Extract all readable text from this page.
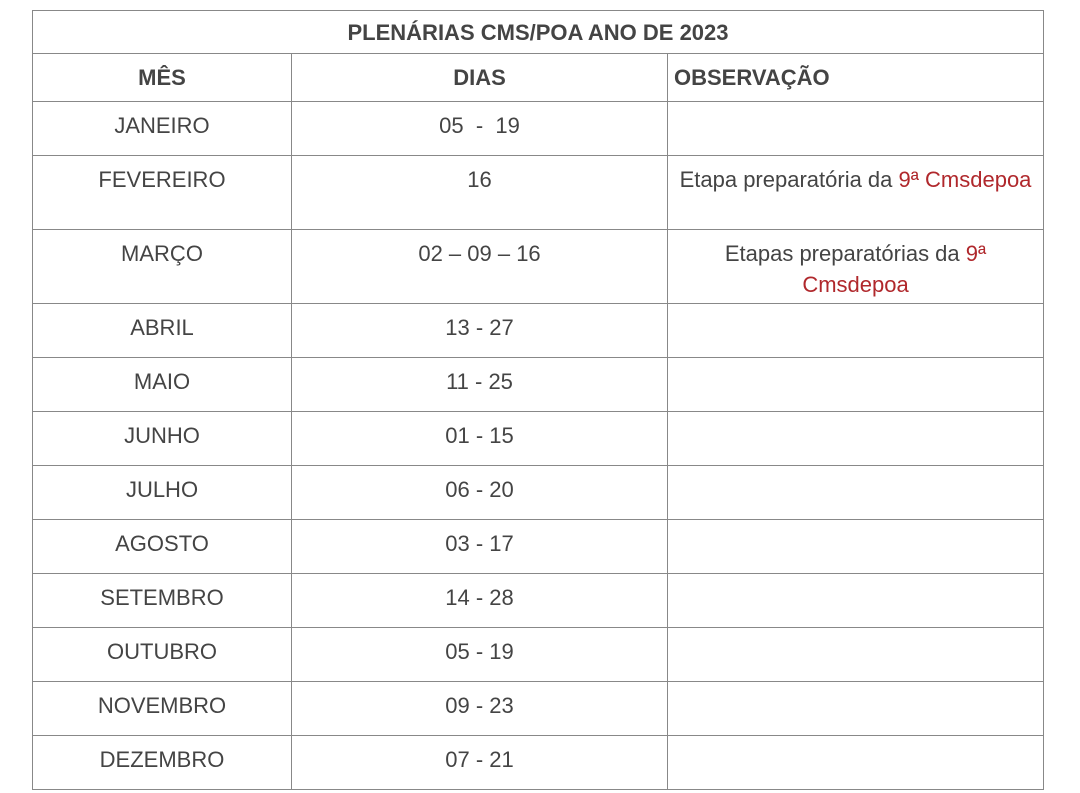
PLENÁRIAS CMS/POA ANO DE 2023		
MÊS	DIAS	OBSERVAÇÃO
JANEIRO	05  -  19	
FEVEREIRO	16	Etapa preparatória da 9ª Cmsdepoa
MARÇO	02 – 09 – 16	Etapas preparatórias da 9ª Cmsdepoa
ABRIL	13 - 27	
MAIO	11 - 25	
JUNHO	01 - 15	
JULHO	06 - 20	
AGOSTO	03 - 17	
SETEMBRO	14 - 28	
OUTUBRO	05 - 19	
NOVEMBRO	09 - 23	
DEZEMBRO	07 - 21	
